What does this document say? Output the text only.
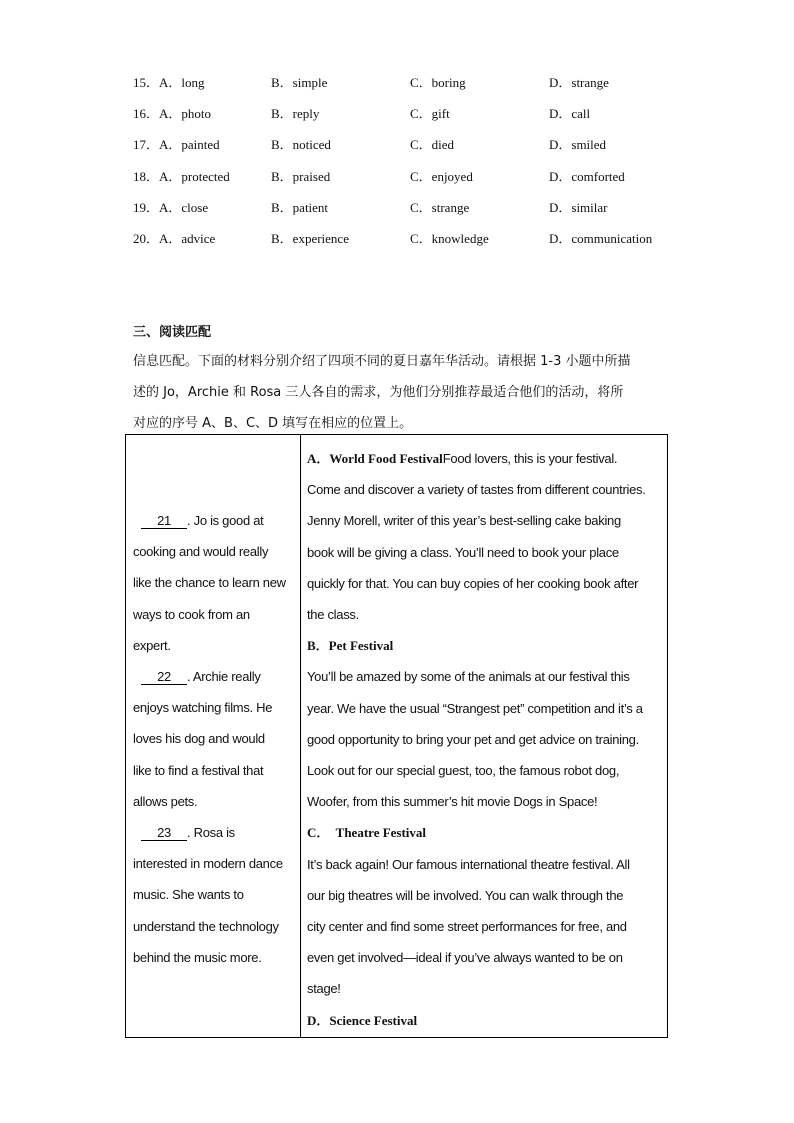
15．A．long	B．simple	C．boring	D．strange
16．A．photo	B．reply	C．gift	D．call
17．A．painted	B．noticed	C．died	D．smiled
18．A．protected	B．praised	C．enjoyed	D．comforted
19．A．close	B．patient	C．strange	D．similar
20．A．advice	B．experience	C．knowledge	D．communication
三、阅读匹配
信息匹配。下面的材料分别介绍了四项不同的夏日嘉年华活动。请根据 1-3 小题中所描
述的 Jo，Archie 和 Rosa 三人各自的需求，为他们分别推荐最适合他们的活动，将所
对应的序号 A、B、C、D 填写在相应的位置上。

21 . Jo is good at

cooking and would really

like the chance to learn new

ways to cook from an

expert.

22 . Archie really

enjoys watching films. He

loves his dog and would

like to find a festival that

allows pets.

23 . Rosa is

interested in modern dance

music. She wants to

understand the technology

behind the music more.

A．World Food FestivalFood lovers, this is your festival.

Come and discover a variety of tastes from different countries.

Jenny Morell, writer of this year’s best-selling cake baking

book will be giving a class. You’ll need to book your place

quickly for that. You can buy copies of her cooking book after

the class.

B．Pet Festival

You’ll be amazed by some of the animals at our festival this

year. We have the usual “Strangest pet” competition and it’s a

good opportunity to bring your pet and get advice on training.

Look out for our special guest, too, the famous robot dog,

Woofer, from this summer’s hit movie Dogs in Space!

C．  Theatre Festival

It’s back again! Our famous international theatre festival. All

our big theatres will be involved. You can walk through the

city center and find some street performances for free, and

even get involved—ideal if you’ve always wanted to be on

stage!

D．Science Festival
